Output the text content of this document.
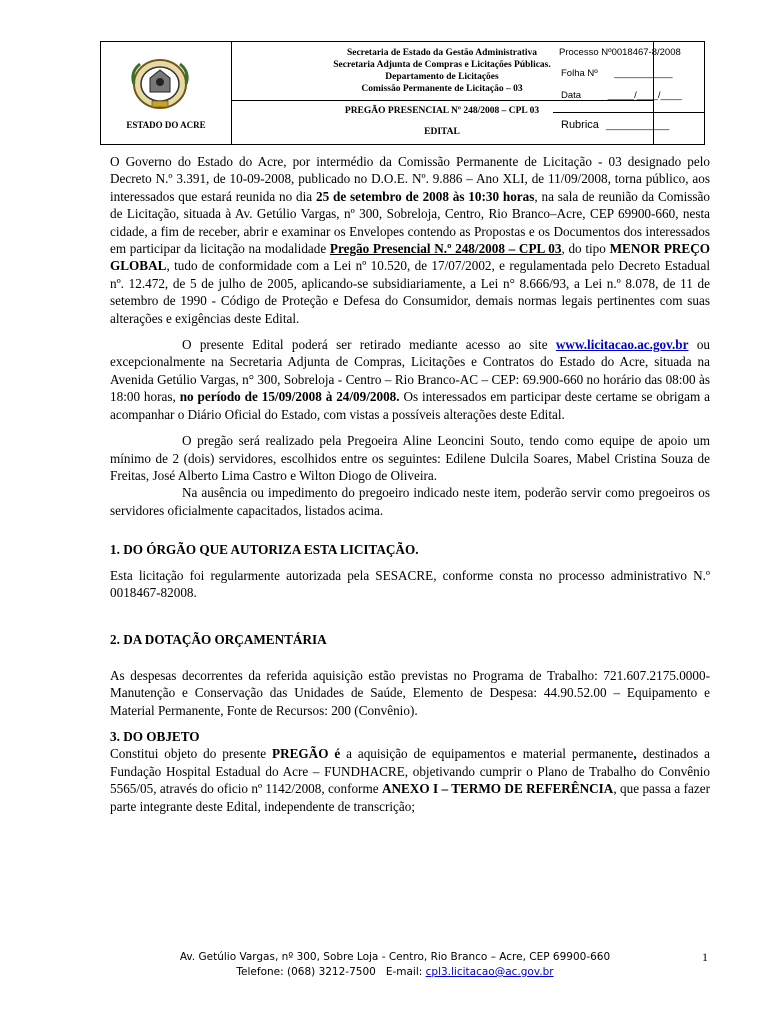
ESTADO DO ACRE
Secretaria de Estado da Gestão Administrativa
Secretaria Adjunta de Compras e Licitações Públicas.
Departamento de Licitações
Comissão Permanente de Licitação – 03
PREGÃO PRESENCIAL Nº 248/2008 – CPL 03
EDITAL
Processo Nº0018467-8/2008
Folha Nº ___________
Data	_____/____/____
Rubrica ____________

O Governo do Estado do Acre, por intermédio da Comissão Permanente de Licitação - 03 designado pelo Decreto N.º 3.391, de 10-09-2008, publicado no D.O.E. Nº. 9.886 – Ano XLI, de 11/09/2008, torna público, aos interessados que estará reunida no dia 25 de setembro de 2008 às 10:30 horas, na sala de reunião da Comissão de Licitação, situada à Av. Getúlio Vargas, nº 300, Sobreloja, Centro, Rio Branco–Acre, CEP 69900-660, nesta cidade, a fim de receber, abrir e examinar os Envelopes contendo as Propostas e os Documentos dos interessados em participar da licitação na modalidade Pregão Presencial N.º 248/2008 – CPL 03, do tipo MENOR PREÇO GLOBAL, tudo de conformidade com a Lei nº 10.520, de 17/07/2002, e regulamentada pelo Decreto Estadual nº. 12.472, de 5 de julho de 2005, aplicando-se subsidiariamente, a Lei n° 8.666/93, a Lei n.º 8.078, de 11 de setembro de 1990 - Código de Proteção e Defesa do Consumidor, demais normas legais pertinentes com suas alterações e exigências deste Edital.

O presente Edital poderá ser retirado mediante acesso ao site www.licitacao.ac.gov.br ou excepcionalmente na Secretaria Adjunta de Compras, Licitações e Contratos do Estado do Acre, situada na Avenida Getúlio Vargas, n° 300, Sobreloja - Centro – Rio Branco-AC – CEP: 69.900-660 no horário das 08:00 às 18:00 horas, no período de 15/09/2008 à 24/09/2008. Os interessados em participar deste certame se obrigam a acompanhar o Diário Oficial do Estado, com vistas a possíveis alterações deste Edital.

O pregão será realizado pela Pregoeira Aline Leoncini Souto, tendo como equipe de apoio um mínimo de 2 (dois) servidores, escolhidos entre os seguintes: Edilene Dulcila Soares, Mabel Cristina Souza de Freitas, José Alberto Lima Castro e Wilton Diogo de Oliveira.

Na ausência ou impedimento do pregoeiro indicado neste item, poderão servir como pregoeiros os servidores oficialmente capacitados, listados acima.

1. DO ÓRGÃO QUE AUTORIZA ESTA LICITAÇÃO.

Esta licitação foi regularmente autorizada pela SESACRE, conforme consta no processo administrativo N.º 0018467-82008.

2. DA DOTAÇÃO ORÇAMENTÁRIA

As despesas decorrentes da referida aquisição estão previstas no Programa de Trabalho: 721.607.2175.0000- Manutenção e Conservação das Unidades de Saúde, Elemento de Despesa: 44.90.52.00 – Equipamento e Material Permanente, Fonte de Recursos: 200 (Convênio).

3. DO OBJETO

Constitui objeto do presente PREGÃO é a aquisição de equipamentos e material permanente, destinados a Fundação Hospital Estadual do Acre – FUNDHACRE, objetivando cumprir o Plano de Trabalho do Convênio 5565/05, através do oficio nº 1142/2008, conforme ANEXO I – TERMO DE REFERÊNCIA, que passa a fazer parte integrante deste Edital, independente de transcrição;

Av. Getúlio Vargas, nº 300, Sobre Loja - Centro, Rio Branco – Acre, CEP 69900-660
Telefone: (068) 3212-7500   E-mail: cpl3.licitacao@ac.gov.br
1
